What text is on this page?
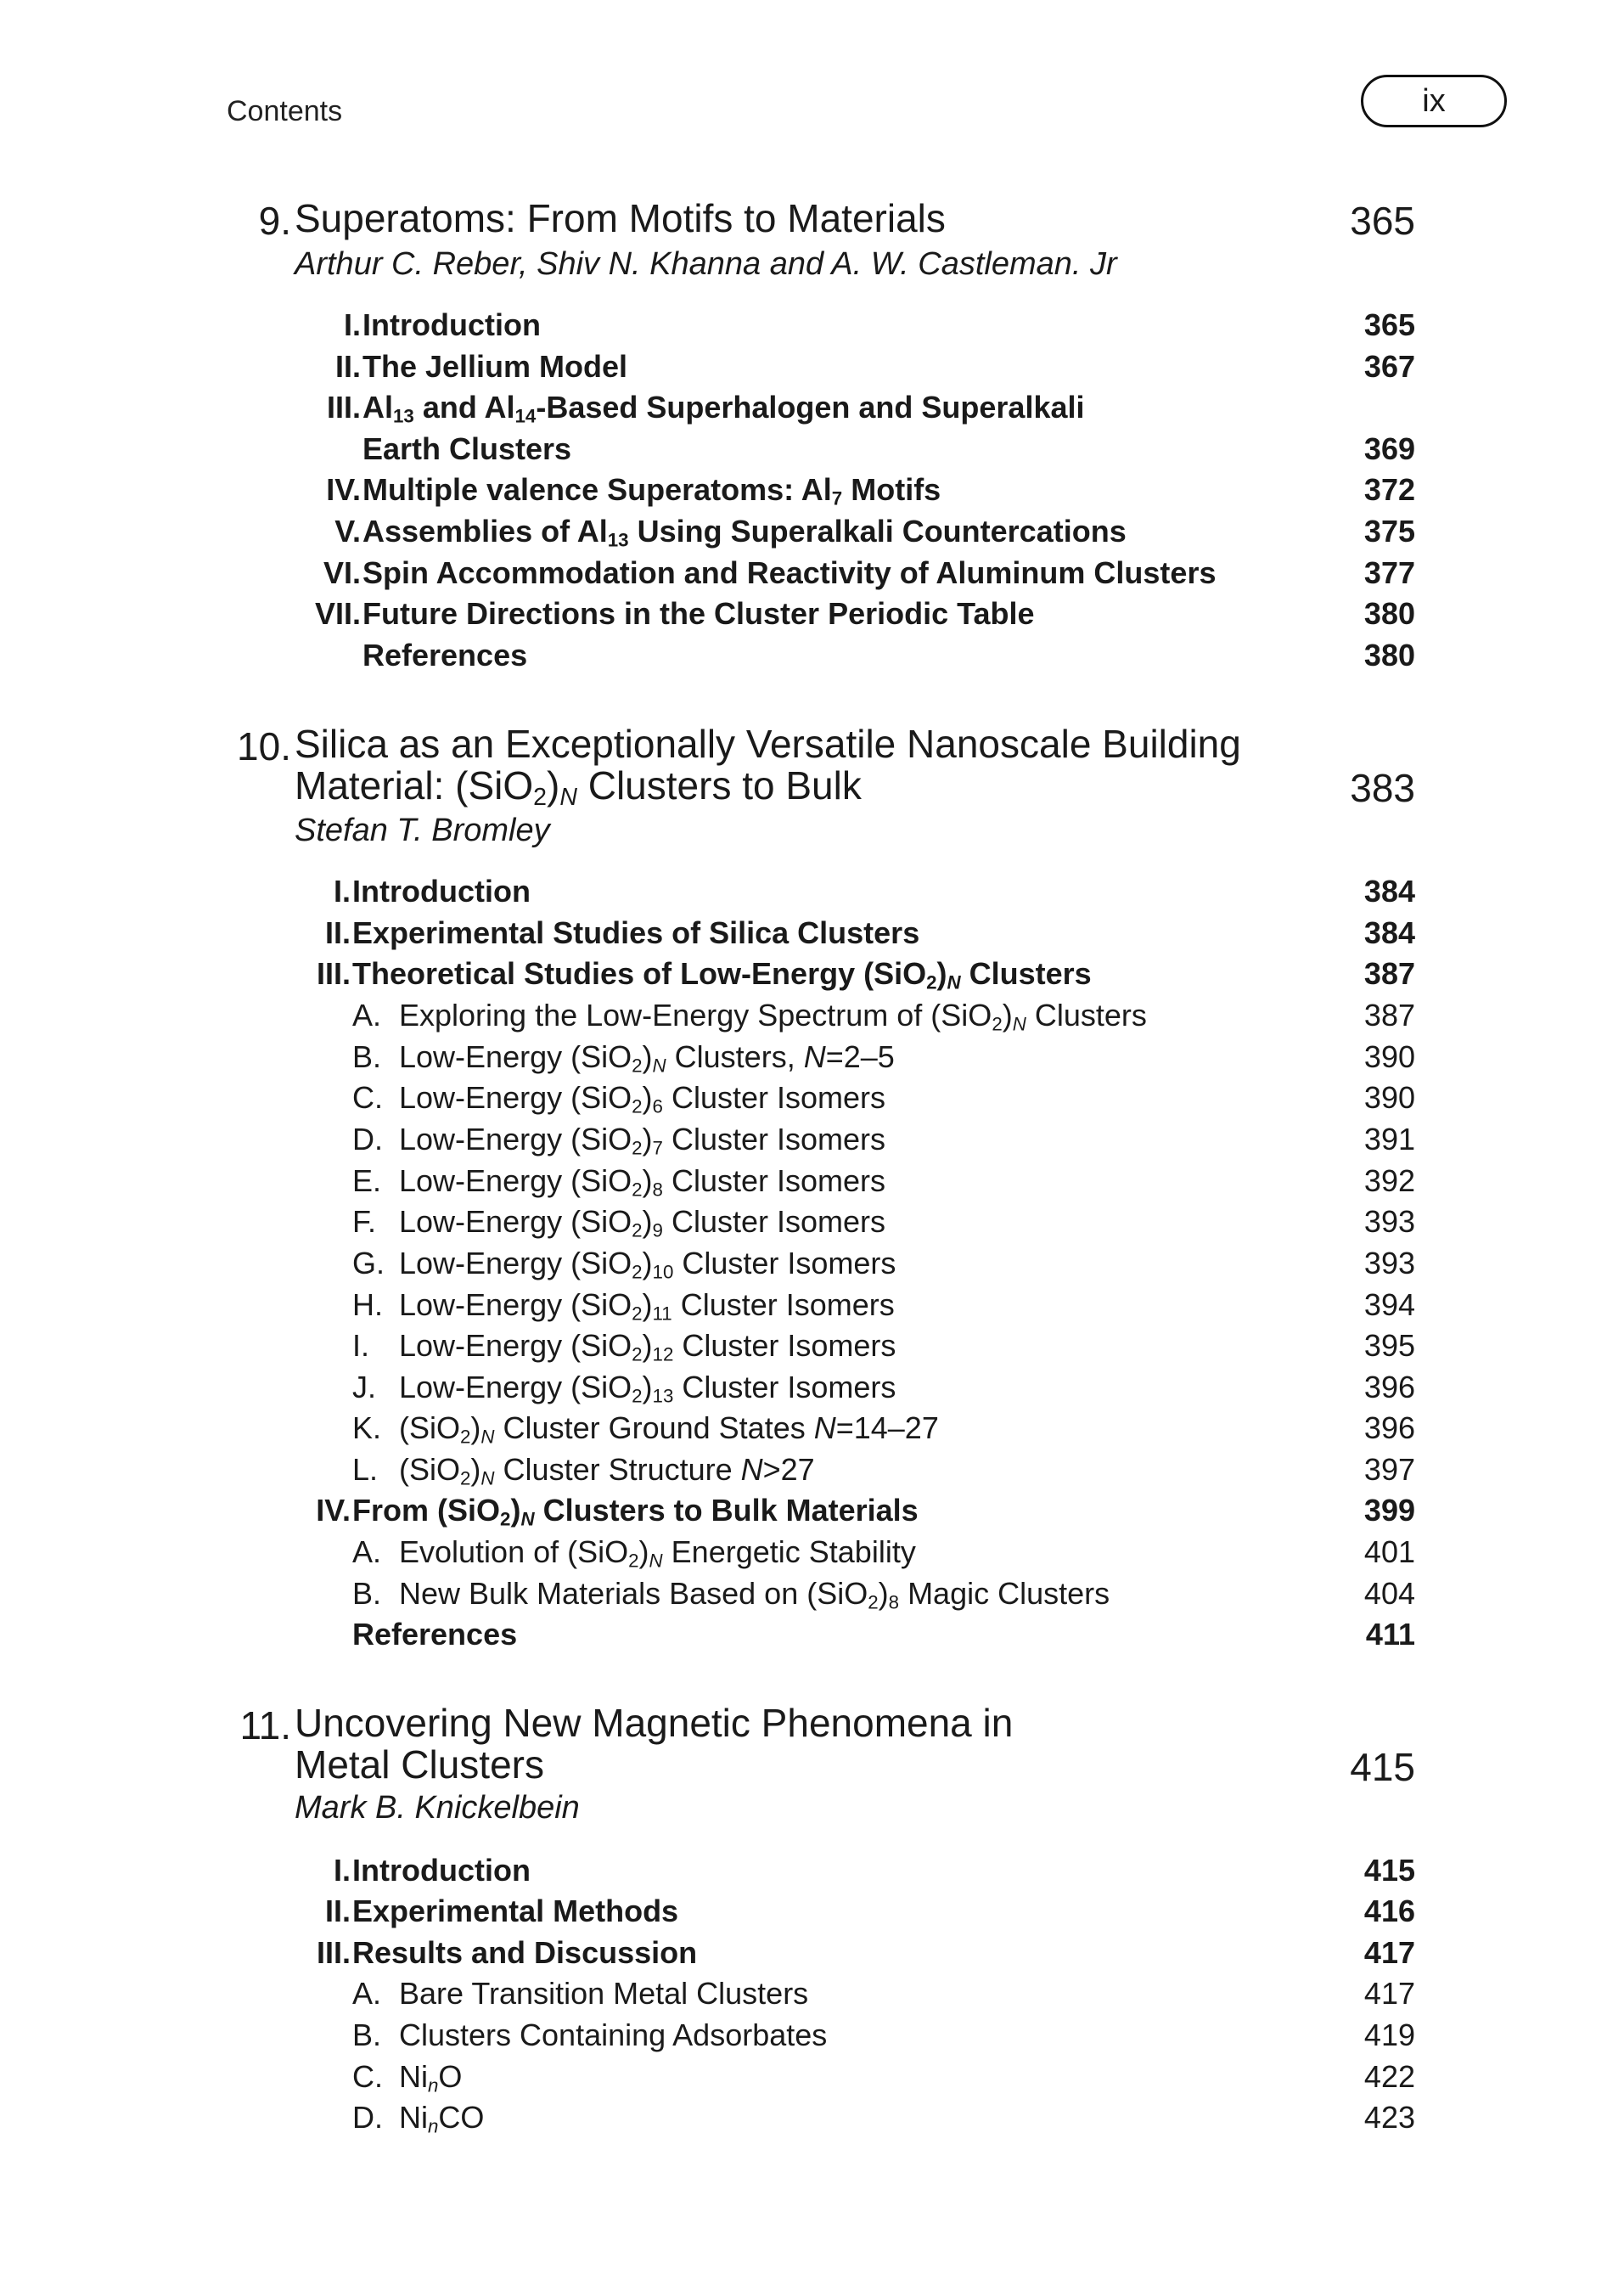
Contents	ix
9. Superatoms: From Motifs to Materials	365
Arthur C. Reber, Shiv N. Khanna and A. W. Castleman. Jr
I. Introduction	365
II. The Jellium Model	367
III. $Al_{13}$ and $Al_{14}$-Based Superhalogen and Superalkali
Earth Clusters	369
IV. Multiple valence Superatoms: $Al_7$ Motifs	372
V. Assemblies of $Al_{13}$ Using Superalkali Countercations	375
VI. Spin Accommodation and Reactivity of Aluminum Clusters	377
VII. Future Directions in the Cluster Periodic Table	380
References	380
10. Silica as an Exceptionally Versatile Nanoscale Building
Material: $(SiO_2)_N$ Clusters to Bulk	383
Stefan T. Bromley
I. Introduction	384
II. Experimental Studies of Silica Clusters	384
III. Theoretical Studies of Low-Energy $(SiO_2)_N$ Clusters	387
A. Exploring the Low-Energy Spectrum of $(SiO_2)_N$ Clusters	387
B. Low-Energy $(SiO_2)_N$ Clusters, N=2–5	390
C. Low-Energy $(SiO_2)_6$ Cluster Isomers	390
D. Low-Energy $(SiO_2)_7$ Cluster Isomers	391
E. Low-Energy $(SiO_2)_8$ Cluster Isomers	392
F. Low-Energy $(SiO_2)_9$ Cluster Isomers	393
G. Low-Energy $(SiO_2)_{10}$ Cluster Isomers	393
H. Low-Energy $(SiO_2)_{11}$ Cluster Isomers	394
I. Low-Energy $(SiO_2)_{12}$ Cluster Isomers	395
J. Low-Energy $(SiO_2)_{13}$ Cluster Isomers	396
K. $(SiO_2)_N$ Cluster Ground States N=14–27	396
L. $(SiO_2)_N$ Cluster Structure N>27	397
IV. From $(SiO_2)_N$ Clusters to Bulk Materials	399
A. Evolution of $(SiO_2)_N$ Energetic Stability	401
B. New Bulk Materials Based on $(SiO_2)_8$ Magic Clusters	404
References	411
11. Uncovering New Magnetic Phenomena in
Metal Clusters	415
Mark B. Knickelbein
I. Introduction	415
II. Experimental Methods	416
III. Results and Discussion	417
A. Bare Transition Metal Clusters	417
B. Clusters Containing Adsorbates	419
C. $Ni_nO$	422
D. $Ni_nCO$	423
